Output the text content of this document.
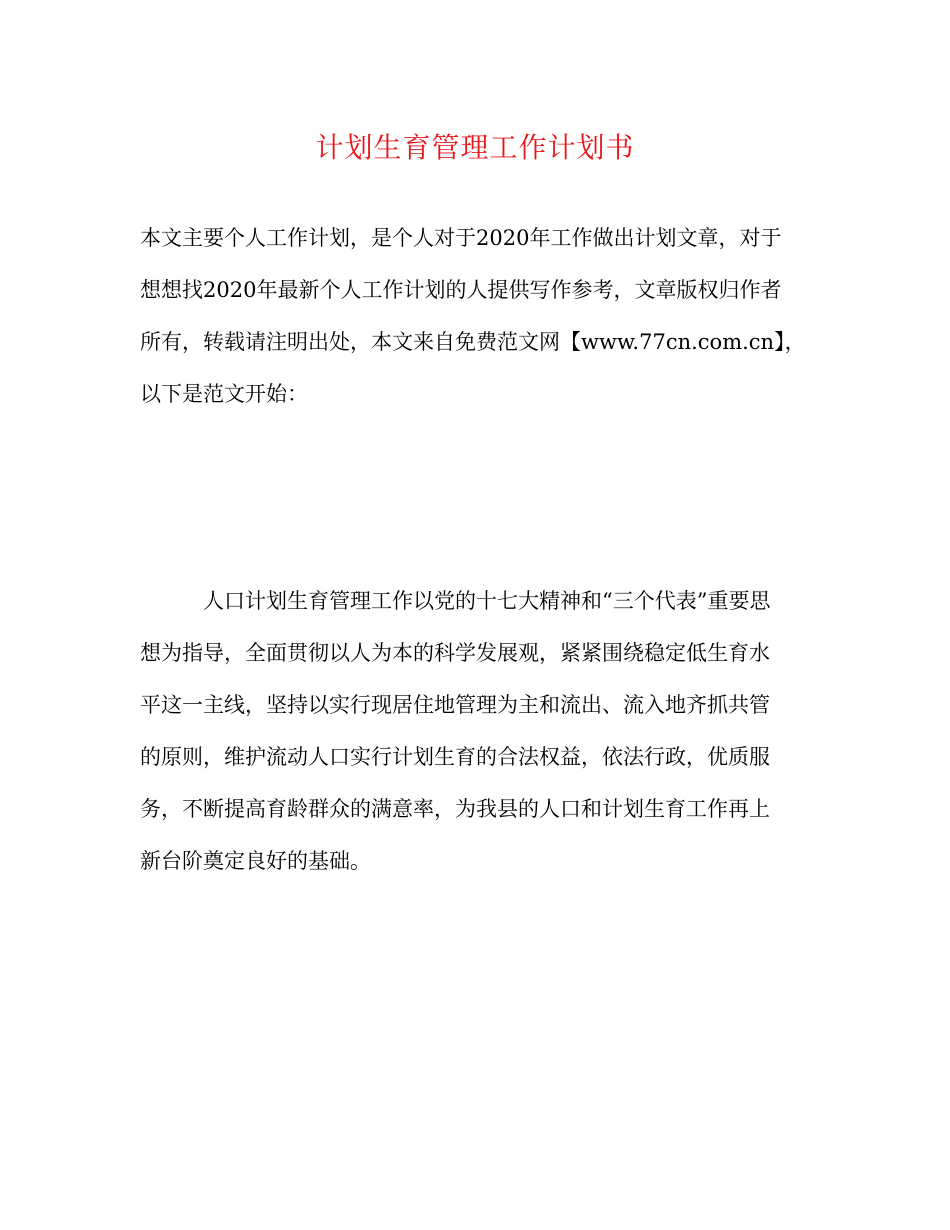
计划生育管理工作计划书
本文主要个人工作计划，是个人对于2020年工作做出计划文章，对于
想想找2020年最新个人工作计划的人提供写作参考，文章版权归作者
所有，转载请注明出处，本文来自免费范文网【www.77cn.com.cn】，
以下是范文开始：
　　　人口计划生育管理工作以党的十七大精神和“三个代表”重要思
想为指导，全面贯彻以人为本的科学发展观，紧紧围绕稳定低生育水
平这一主线，坚持以实行现居住地管理为主和流出、流入地齐抓共管
的原则，维护流动人口实行计划生育的合法权益，依法行政，优质服
务，不断提高育龄群众的满意率，为我县的人口和计划生育工作再上
新台阶奠定良好的基础。
